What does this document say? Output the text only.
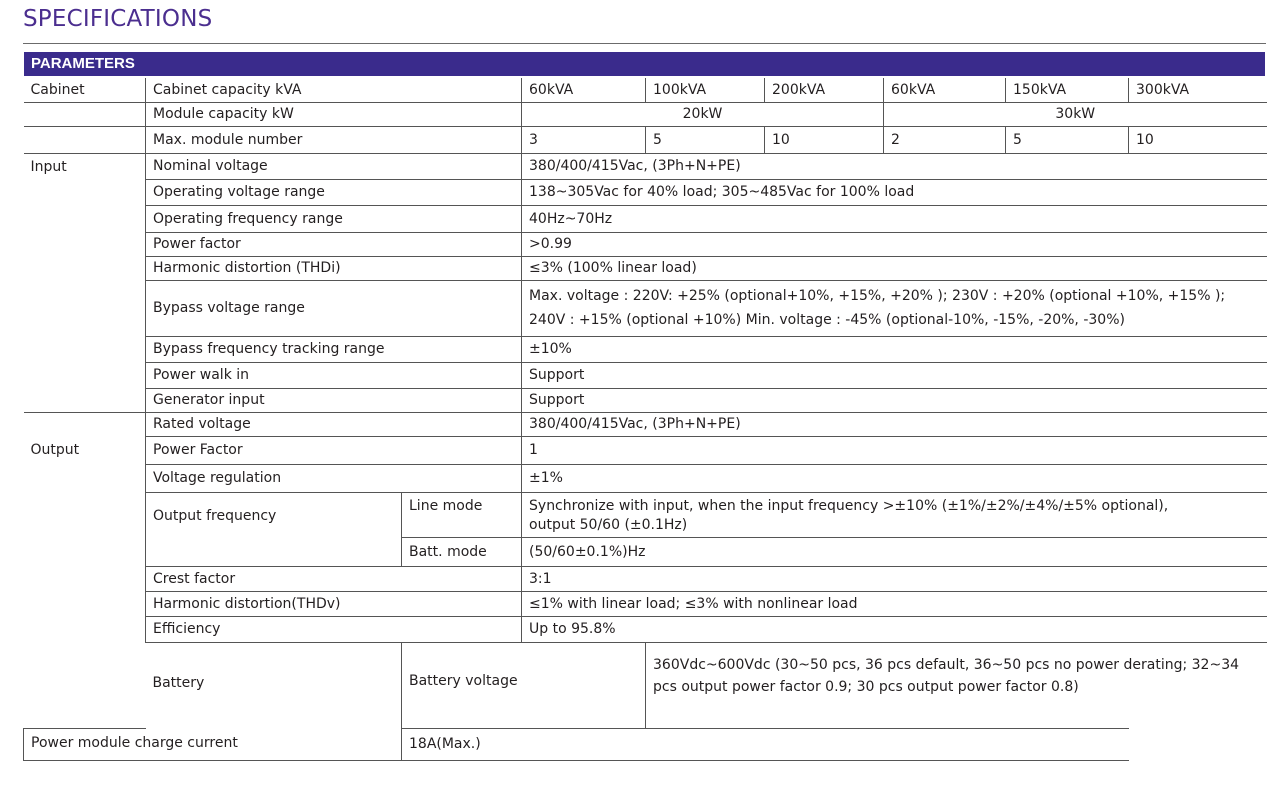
SPECIFICATIONS
PARAMETERS
Cabinet	Cabinet capacity kVA		60kVA	100kVA	200kVA	60kVA	150kVA	300kVA
	Module capacity kW		20kW			30kW		
	Max. module number		3	5	10	2	5	10
Input	Nominal voltage		380/400/415Vac, (3Ph+N+PE)					
	Operating voltage range		138~305Vac for 40% load; 305~485Vac for 100% load					
	Operating frequency range		40Hz~70Hz					
	Power factor		>0.99					
	Harmonic distortion (THDi)		≤3% (100% linear load)					
	Bypass voltage range		Max. voltage : 220V: +25% (optional+10%, +15%, +20% ); 230V : +20% (optional +10%, +15% );
240V : +15% (optional +10%) Min. voltage : -45% (optional-10%, -15%, -20%, -30%)					

	Bypass frequency tracking range		±10%					
	Power walk in		Support					
	Generator input		Support					
Output	Rated voltage		380/400/415Vac, (3Ph+N+PE)					
	Power Factor		1					
	Voltage regulation		±1%					
	Output frequency	Line mode	Synchronize with input, when the input frequency >±10% (±1%/±2%/±4%/±5% optional),
output 50/60 (±0.1Hz)					

		Batt. mode	(50/60±0.1%)Hz					
	Crest factor		3:1					
	Harmonic distortion(THDv)		≤1% with linear load; ≤3% with nonlinear load					
	Efficiency		Up to 95.8%					
	Battery	Battery voltage		360Vdc~600Vdc (30~50 pcs, 36 pcs default, 36~50 pcs no power derating; 32~34 pcs output power factor 0.9; 30 pcs output power factor 0.8)				
Power module charge current		18A(Max.)						
